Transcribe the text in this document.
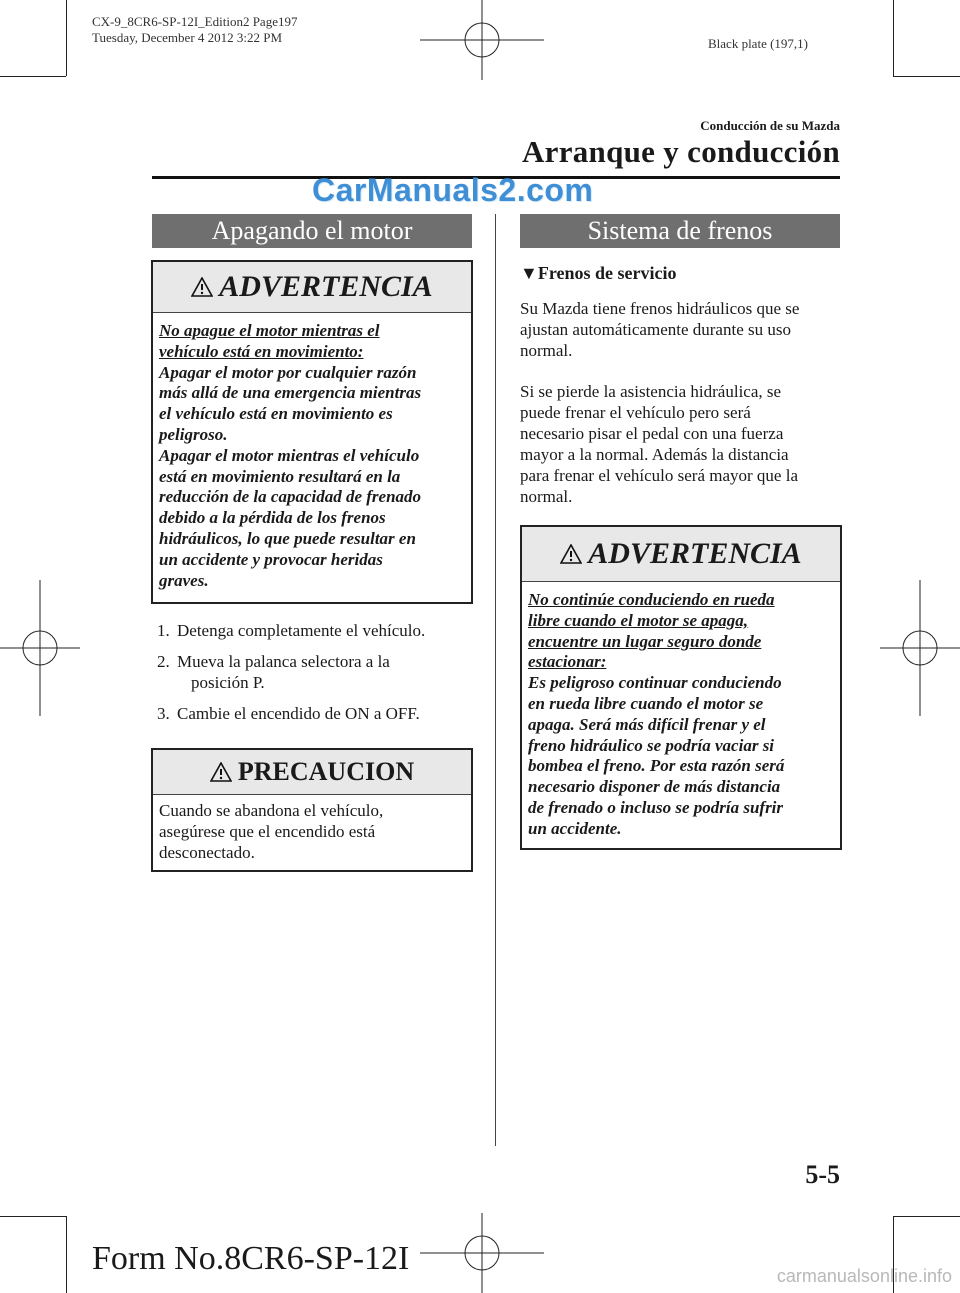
CX-9_8CR6-SP-12I_Edition2 Page197
Tuesday, December 4 2012 3:22 PM	Black plate (197,1)
Conducción de su Mazda
Arranque y conducción
CarManuals2.com
Apagando el motor
ADVERTENCIA
No apague el motor mientras el
vehículo está en movimiento:
Apagar el motor por cualquier razón
más allá de una emergencia mientras
el vehículo está en movimiento es
peligroso.
Apagar el motor mientras el vehículo
está en movimiento resultará en la
reducción de la capacidad de frenado
debido a la pérdida de los frenos
hidráulicos, lo que puede resultar en
un accidente y provocar heridas
graves.
1. Detenga completamente el vehículo.
2. Mueva la palanca selectora a la
posición P.
3. Cambie el encendido de ON a OFF.
PRECAUCION
Cuando se abandona el vehículo,
asegúrese que el encendido está
desconectado.
Sistema de frenos
▼Frenos de servicio
Su Mazda tiene frenos hidráulicos que se
ajustan automáticamente durante su uso
normal.
Si se pierde la asistencia hidráulica, se
puede frenar el vehículo pero será
necesario pisar el pedal con una fuerza
mayor a la normal. Además la distancia
para frenar el vehículo será mayor que la
normal.
ADVERTENCIA
No continúe conduciendo en rueda
libre cuando el motor se apaga,
encuentre un lugar seguro donde
estacionar:
Es peligroso continuar conduciendo
en rueda libre cuando el motor se
apaga. Será más difícil frenar y el
freno hidráulico se podría vaciar si
bombea el freno. Por esta razón será
necesario disponer de más distancia
de frenado o incluso se podría sufrir
un accidente.
5-5
Form No.8CR6-SP-12I	carmanualsonline.info
